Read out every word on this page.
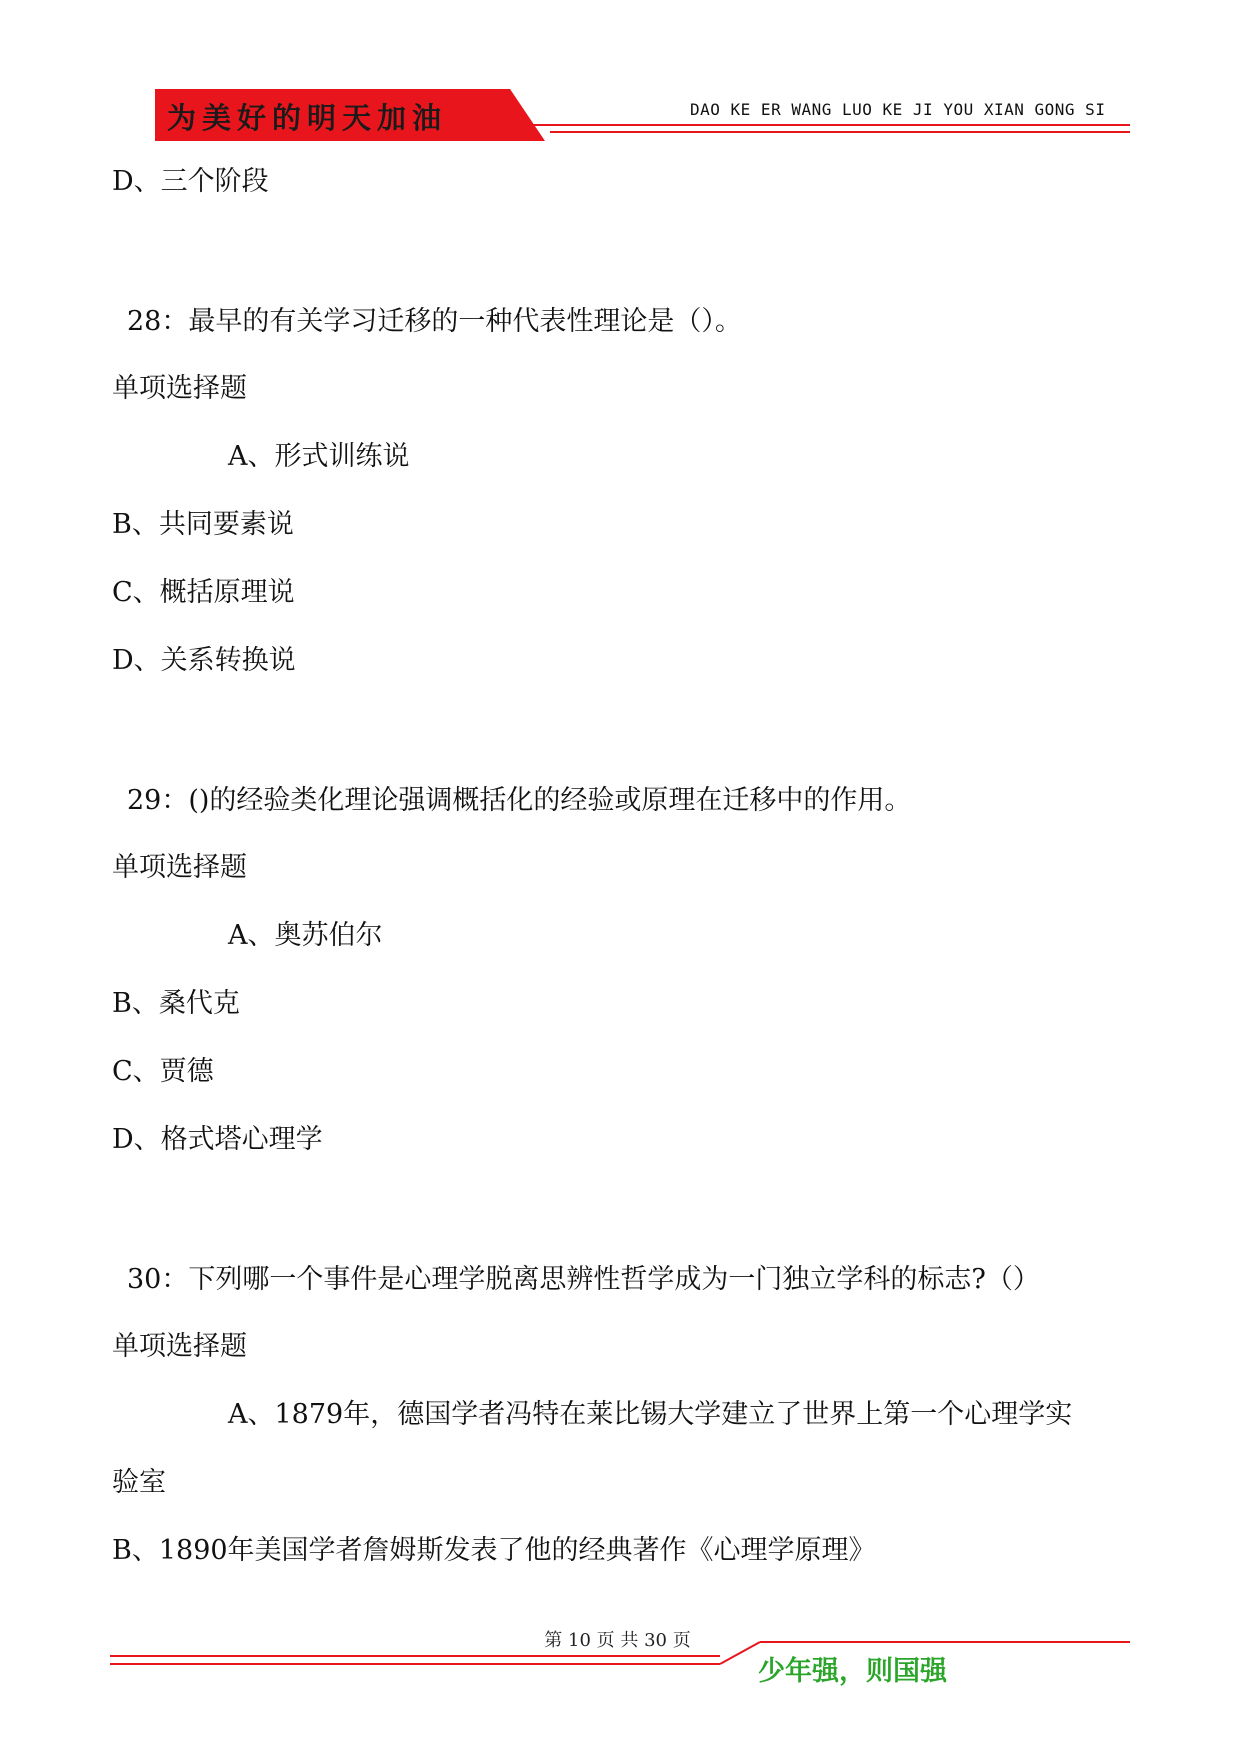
为美好的明天加油	DAO KE ER WANG LUO KE JI YOU XIAN GONG SI
D、三个阶段
28：最早的有关学习迁移的一种代表性理论是（）。
单项选择题
A、形式训练说
B、共同要素说
C、概括原理说
D、关系转换说
29：()的经验类化理论强调概括化的经验或原理在迁移中的作用。
单项选择题
A、奥苏伯尔
B、桑代克
C、贾德
D、格式塔心理学
30：下列哪一个事件是心理学脱离思辨性哲学成为一门独立学科的标志?（）
单项选择题
A、1879年，德国学者冯特在莱比锡大学建立了世界上第一个心理学实
验室
B、1890年美国学者詹姆斯发表了他的经典著作《心理学原理》
第 10 页 共 30 页
少年强，则国强
